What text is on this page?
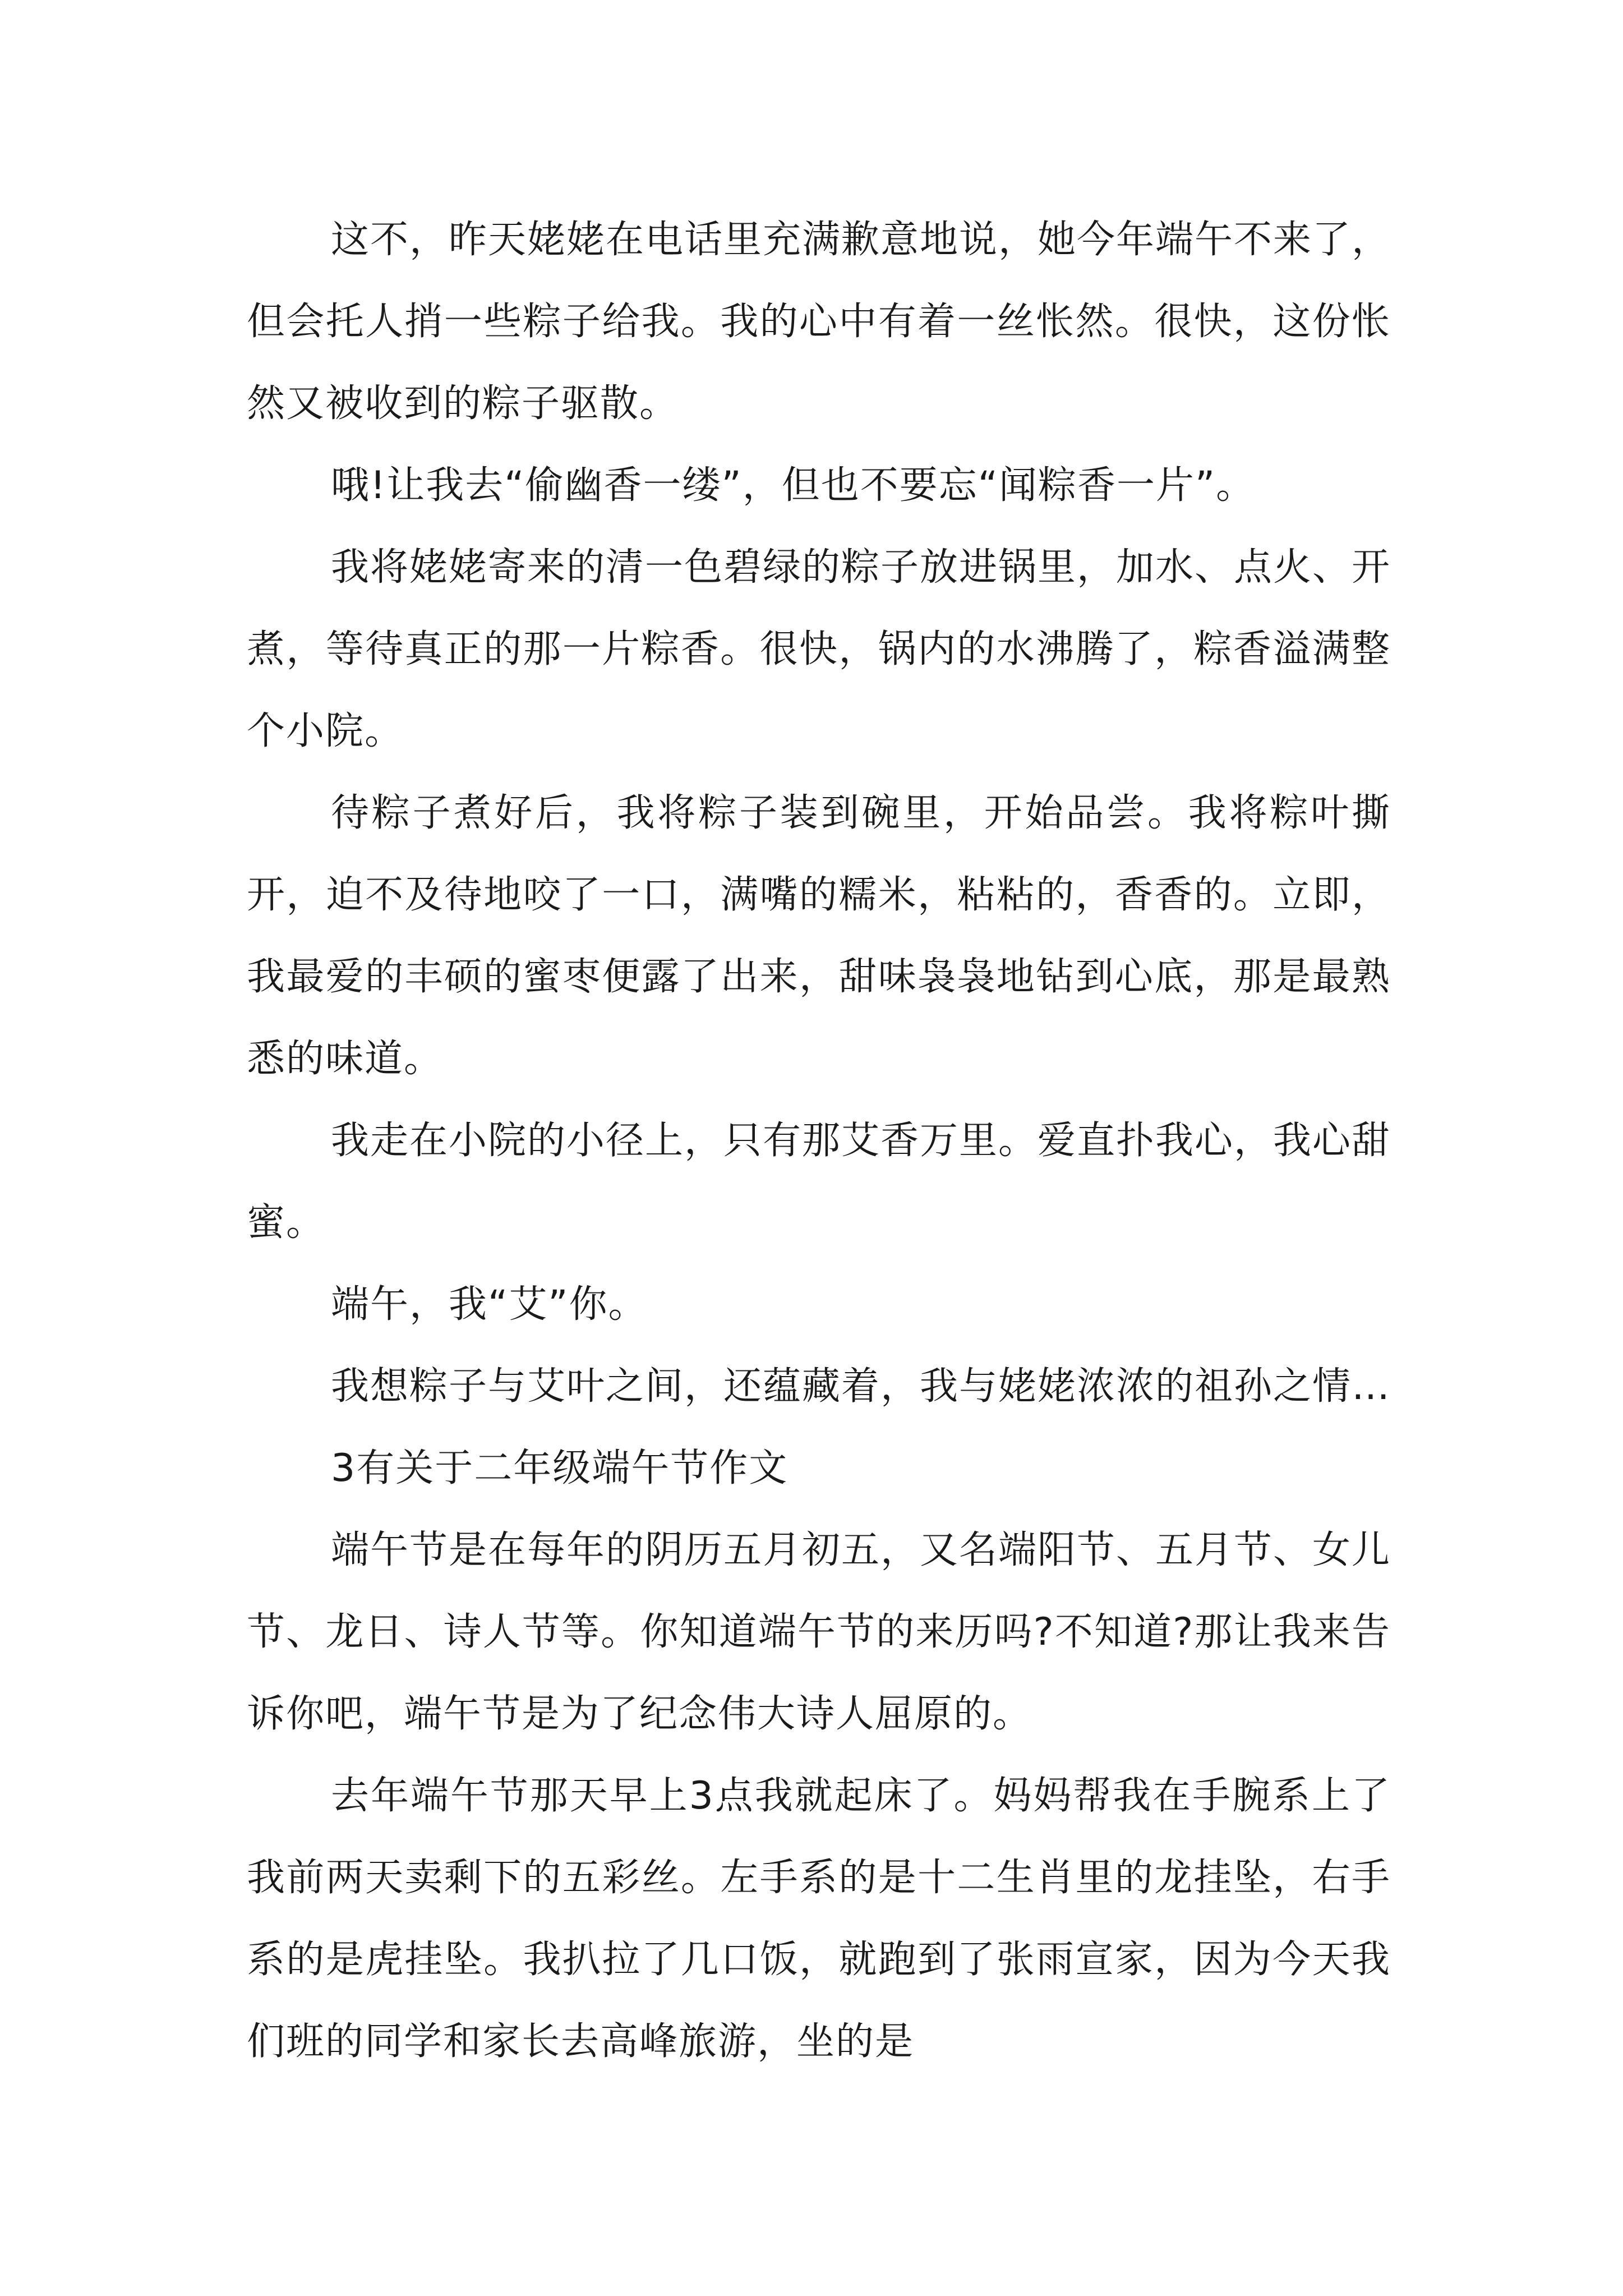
这不，昨天姥姥在电话里充满歉意地说，她今年端午不来了，但会托人捎一些粽子给我。我的心中有着一丝怅然。很快，这份怅然又被收到的粽子驱散。

哦!让我去“偷幽香一缕”，但也不要忘“闻粽香一片”。

我将姥姥寄来的清一色碧绿的粽子放进锅里，加水、点火、开煮，等待真正的那一片粽香。很快，锅内的水沸腾了，粽香溢满整个小院。

待粽子煮好后，我将粽子装到碗里，开始品尝。我将粽叶撕开，迫不及待地咬了一口，满嘴的糯米，粘粘的，香香的。立即，我最爱的丰硕的蜜枣便露了出来，甜味袅袅地钻到心底，那是最熟悉的味道。

我走在小院的小径上，只有那艾香万里。爱直扑我心，我心甜蜜。

端午，我“艾”你。

我想粽子与艾叶之间，还蕴藏着，我与姥姥浓浓的祖孙之情…

3有关于二年级端午节作文

端午节是在每年的阴历五月初五，又名端阳节、五月节、女儿节、龙日、诗人节等。你知道端午节的来历吗?不知道?那让我来告诉你吧，端午节是为了纪念伟大诗人屈原的。

去年端午节那天早上3点我就起床了。妈妈帮我在手腕系上了我前两天卖剩下的五彩丝。左手系的是十二生肖里的龙挂坠，右手系的是虎挂坠。我扒拉了几口饭，就跑到了张雨宣家，因为今天我们班的同学和家长去高峰旅游，坐的是
